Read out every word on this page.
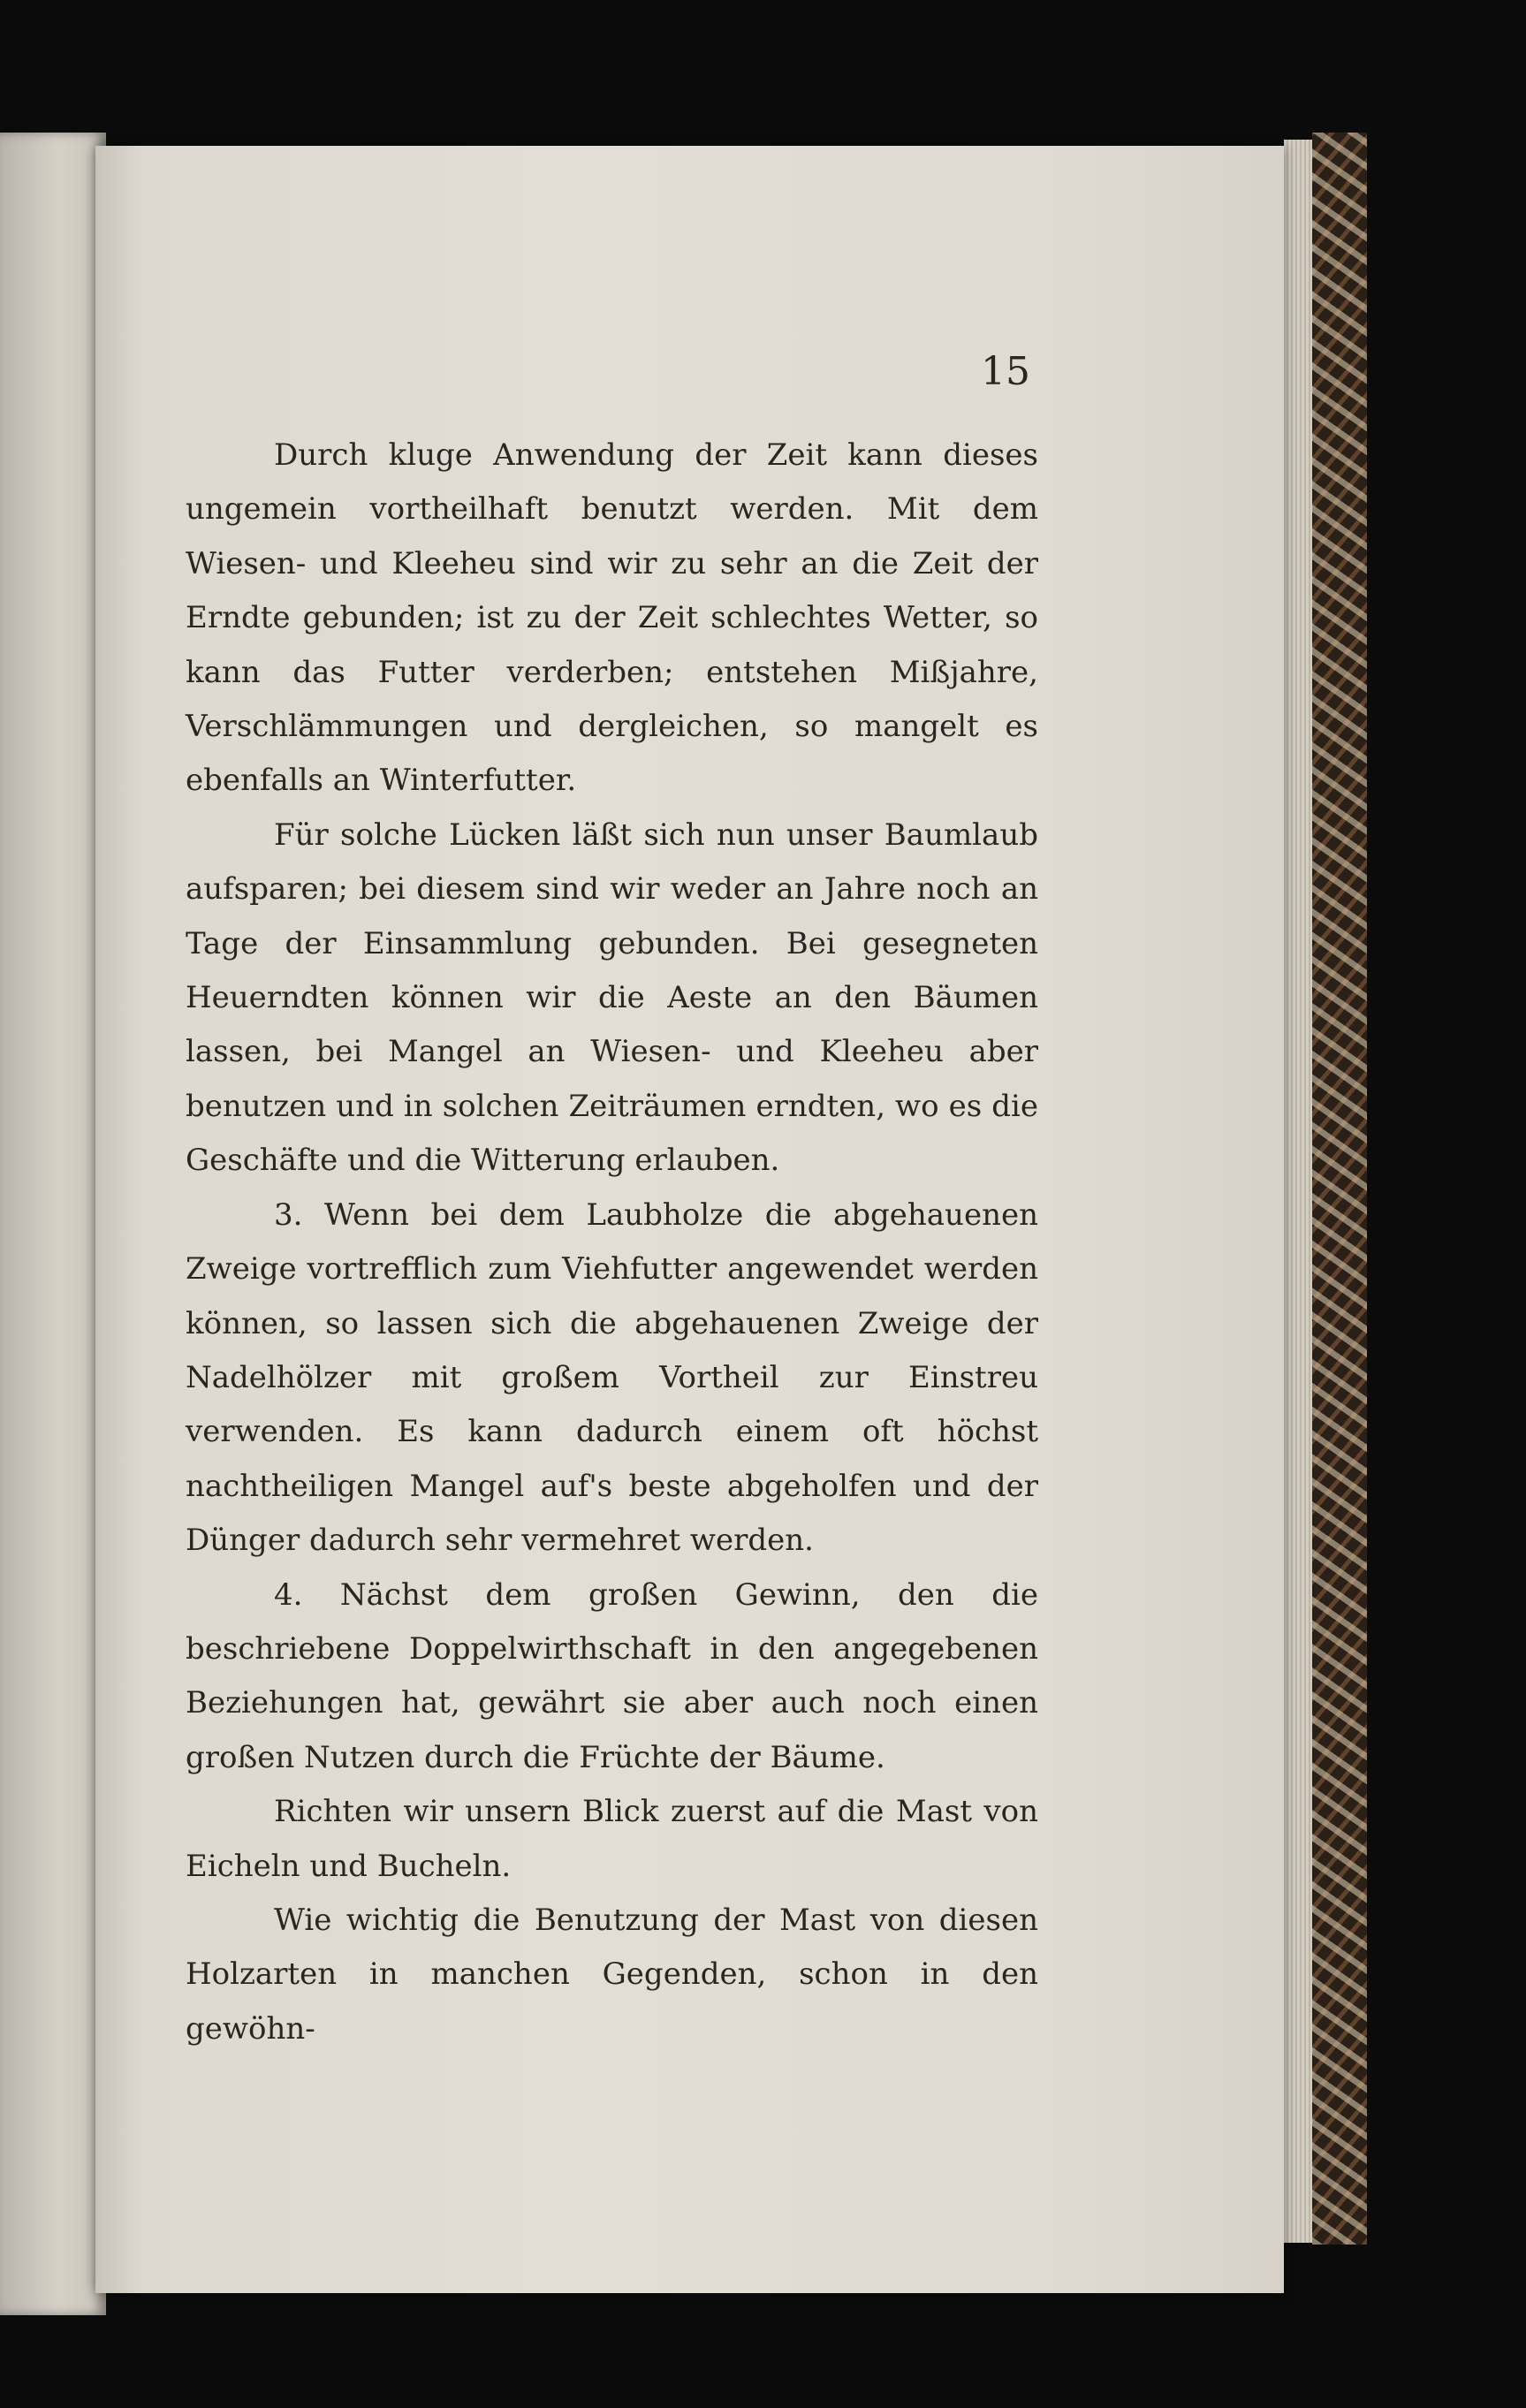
15

Durch kluge Anwendung der Zeit kann dieses ungemein vortheilhaft benutzt werden. Mit dem Wiesen- und Kleeheu sind wir zu sehr an die Zeit der Erndte gebunden; ist zu der Zeit schlechtes Wetter, so kann das Futter verderben; entstehen Mißjahre, Verschlämmungen und dergleichen, so mangelt es ebenfalls an Winterfutter.

Für solche Lücken läßt sich nun unser Baumlaub aufsparen; bei diesem sind wir weder an Jahre noch an Tage der Einsammlung gebunden. Bei gesegneten Heuerndten können wir die Aeste an den Bäumen lassen, bei Mangel an Wiesen- und Kleeheu aber benutzen und in solchen Zeiträumen erndten, wo es die Geschäfte und die Witterung erlauben.

3. Wenn bei dem Laubholze die abgehauenen Zweige vortrefflich zum Viehfutter angewendet werden können, so lassen sich die abgehauenen Zweige der Nadelhölzer mit großem Vortheil zur Einstreu verwenden. Es kann dadurch einem oft höchst nachtheiligen Mangel auf's beste abgeholfen und der Dünger dadurch sehr vermehret werden.

4. Nächst dem großen Gewinn, den die beschriebene Doppelwirthschaft in den angegebenen Beziehungen hat, gewährt sie aber auch noch einen großen Nutzen durch die Früchte der Bäume.

Richten wir unsern Blick zuerst auf die Mast von Eicheln und Bucheln.

Wie wichtig die Benutzung der Mast von diesen Holzarten in manchen Gegenden, schon in den gewöhn-
